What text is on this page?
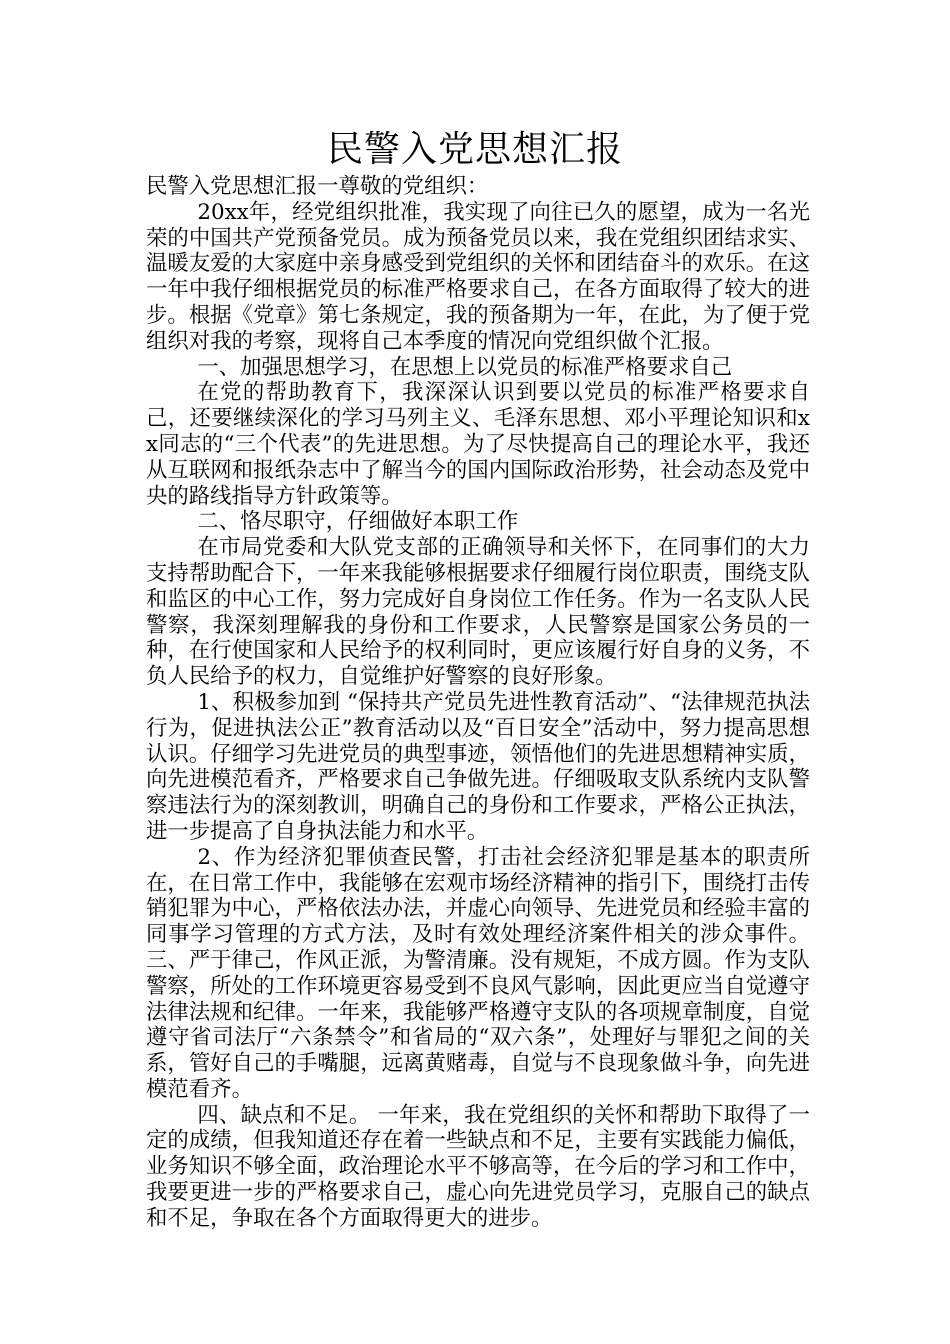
民警入党思想汇报

民警入党思想汇报一尊敬的党组织：

20xx年，经党组织批准，我实现了向往已久的愿望，成为一名光荣的中国共产党预备党员。成为预备党员以来，我在党组织团结求实、温暖友爱的大家庭中亲身感受到党组织的关怀和团结奋斗的欢乐。在这一年中我仔细根据党员的标准严格要求自己，在各方面取得了较大的进步。根据《党章》第七条规定，我的预备期为一年，在此，为了便于党组织对我的考察，现将自己本季度的情况向党组织做个汇报。

一、加强思想学习，在思想上以党员的标准严格要求自己

在党的帮助教育下，我深深认识到要以党员的标准严格要求自己，还要继续深化的学习马列主义、毛泽东思想、邓小平理论知识和xx同志的“三个代表”的先进思想。为了尽快提高自己的理论水平，我还从互联网和报纸杂志中了解当今的国内国际政治形势，社会动态及党中央的路线指导方针政策等。

二、恪尽职守，仔细做好本职工作

在市局党委和大队党支部的正确领导和关怀下，在同事们的大力支持帮助配合下，一年来我能够根据要求仔细履行岗位职责，围绕支队和监区的中心工作，努力完成好自身岗位工作任务。作为一名支队人民警察，我深刻理解我的身份和工作要求，人民警察是国家公务员的一种，在行使国家和人民给予的权利同时，更应该履行好自身的义务，不负人民给予的权力，自觉维护好警察的良好形象。

1、积极参加到 “保持共产党员先进性教育活动”、“法律规范执法行为，促进执法公正”教育活动以及“百日安全”活动中，努力提高思想认识。仔细学习先进党员的典型事迹，领悟他们的先进思想精神实质，向先进模范看齐，严格要求自己争做先进。仔细吸取支队系统内支队警察违法行为的深刻教训，明确自己的身份和工作要求，严格公正执法，进一步提高了自身执法能力和水平。

2、作为经济犯罪侦查民警，打击社会经济犯罪是基本的职责所在，在日常工作中，我能够在宏观市场经济精神的指引下，围绕打击传销犯罪为中心，严格依法办法，并虚心向领导、先进党员和经验丰富的同事学习管理的方式方法，及时有效处理经济案件相关的涉众事件。 三、严于律己，作风正派，为警清廉。没有规矩，不成方圆。作为支队警察，所处的工作环境更容易受到不良风气影响，因此更应当自觉遵守法律法规和纪律。一年来，我能够严格遵守支队的各项规章制度，自觉遵守省司法厅“六条禁令”和省局的“双六条”，处理好与罪犯之间的关系，管好自己的手嘴腿，远离黄赌毒，自觉与不良现象做斗争，向先进模范看齐。

四、缺点和不足。 一年来，我在党组织的关怀和帮助下取得了一定的成绩，但我知道还存在着一些缺点和不足，主要有实践能力偏低，业务知识不够全面，政治理论水平不够高等，在今后的学习和工作中，我要更进一步的严格要求自己，虚心向先进党员学习，克服自己的缺点和不足，争取在各个方面取得更大的进步。
